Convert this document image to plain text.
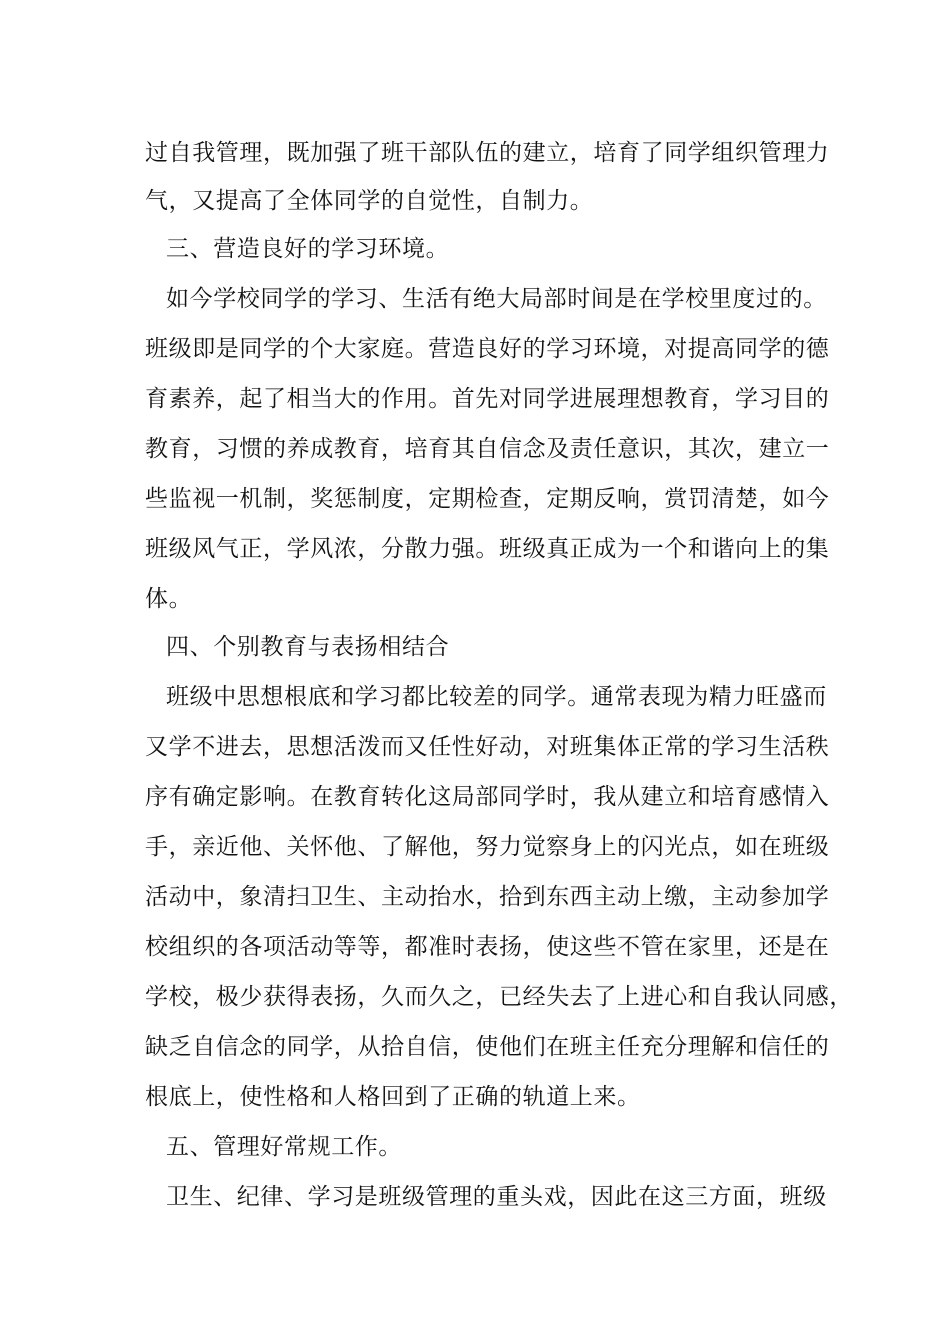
过自我管理，既加强了班干部队伍的建立，培育了同学组织管理力
气，又提高了全体同学的自觉性，自制力。
三、营造良好的学习环境。
如今学校同学的学习、生活有绝大局部时间是在学校里度过的。
班级即是同学的个大家庭。营造良好的学习环境，对提高同学的德
育素养，起了相当大的作用。首先对同学进展理想教育，学习目的
教育，习惯的养成教育，培育其自信念及责任意识，其次，建立一
些监视一机制，奖惩制度，定期检查，定期反响，赏罚清楚，如今
班级风气正，学风浓，分散力强。班级真正成为一个和谐向上的集
体。
四、个别教育与表扬相结合
班级中思想根底和学习都比较差的同学。通常表现为精力旺盛而
又学不进去，思想活泼而又任性好动，对班集体正常的学习生活秩
序有确定影响。在教育转化这局部同学时，我从建立和培育感情入
手，亲近他、关怀他、了解他，努力觉察身上的闪光点，如在班级
活动中，象清扫卫生、主动抬水，拾到东西主动上缴，主动参加学
校组织的各项活动等等，都准时表扬，使这些不管在家里，还是在
学校，极少获得表扬，久而久之，已经失去了上进心和自我认同感，
缺乏自信念的同学，从拾自信，使他们在班主任充分理解和信任的
根底上，使性格和人格回到了正确的轨道上来。
五、管理好常规工作。
卫生、纪律、学习是班级管理的重头戏，因此在这三方面，班级
